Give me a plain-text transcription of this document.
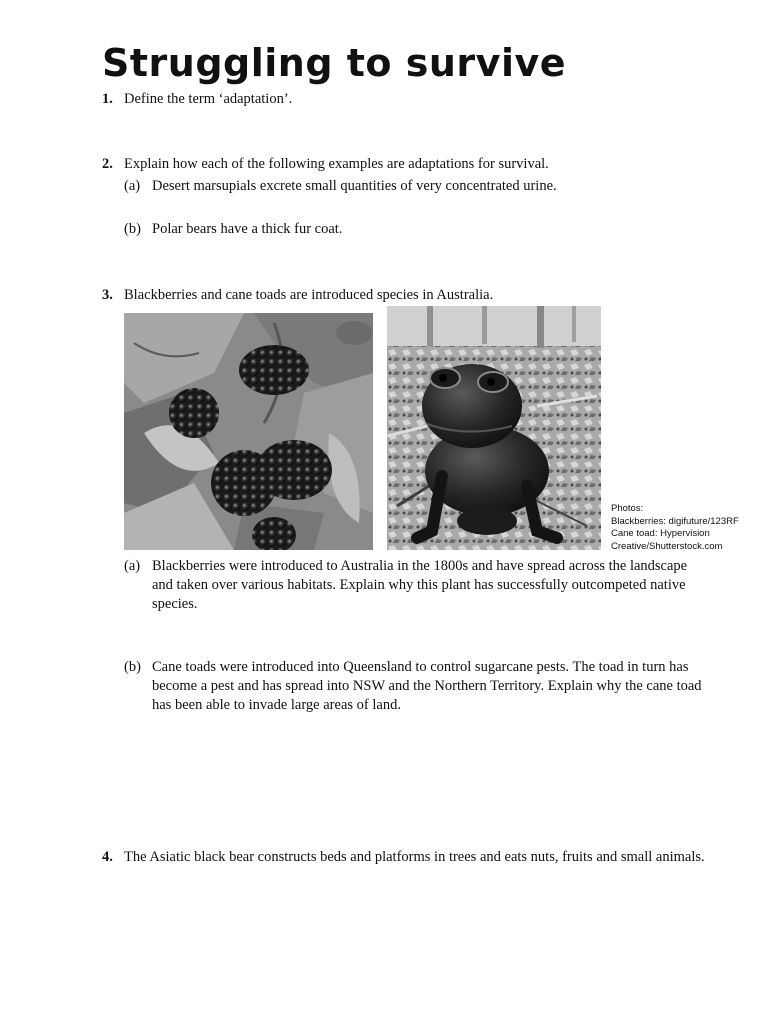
Struggling to survive
1. Define the term ‘adaptation’.
2. Explain how each of the following examples are adaptations for survival.
(a) Desert marsupials excrete small quantities of very concentrated urine.
(b) Polar bears have a thick fur coat.
3. Blackberries and cane toads are introduced species in Australia.
Photos:
Blackberries: digifuture/123RF
Cane toad: Hypervision
Creative/Shutterstock.com
(a) Blackberries were introduced to Australia in the 1800s and have spread across the landscape and taken over various habitats. Explain why this plant has successfully outcompeted native species.
(b) Cane toads were introduced into Queensland to control sugarcane pests. The toad in turn has become a pest and has spread into NSW and the Northern Territory. Explain why the cane toad has been able to invade large areas of land.
4. The Asiatic black bear constructs beds and platforms in trees and eats nuts, fruits and small animals.
